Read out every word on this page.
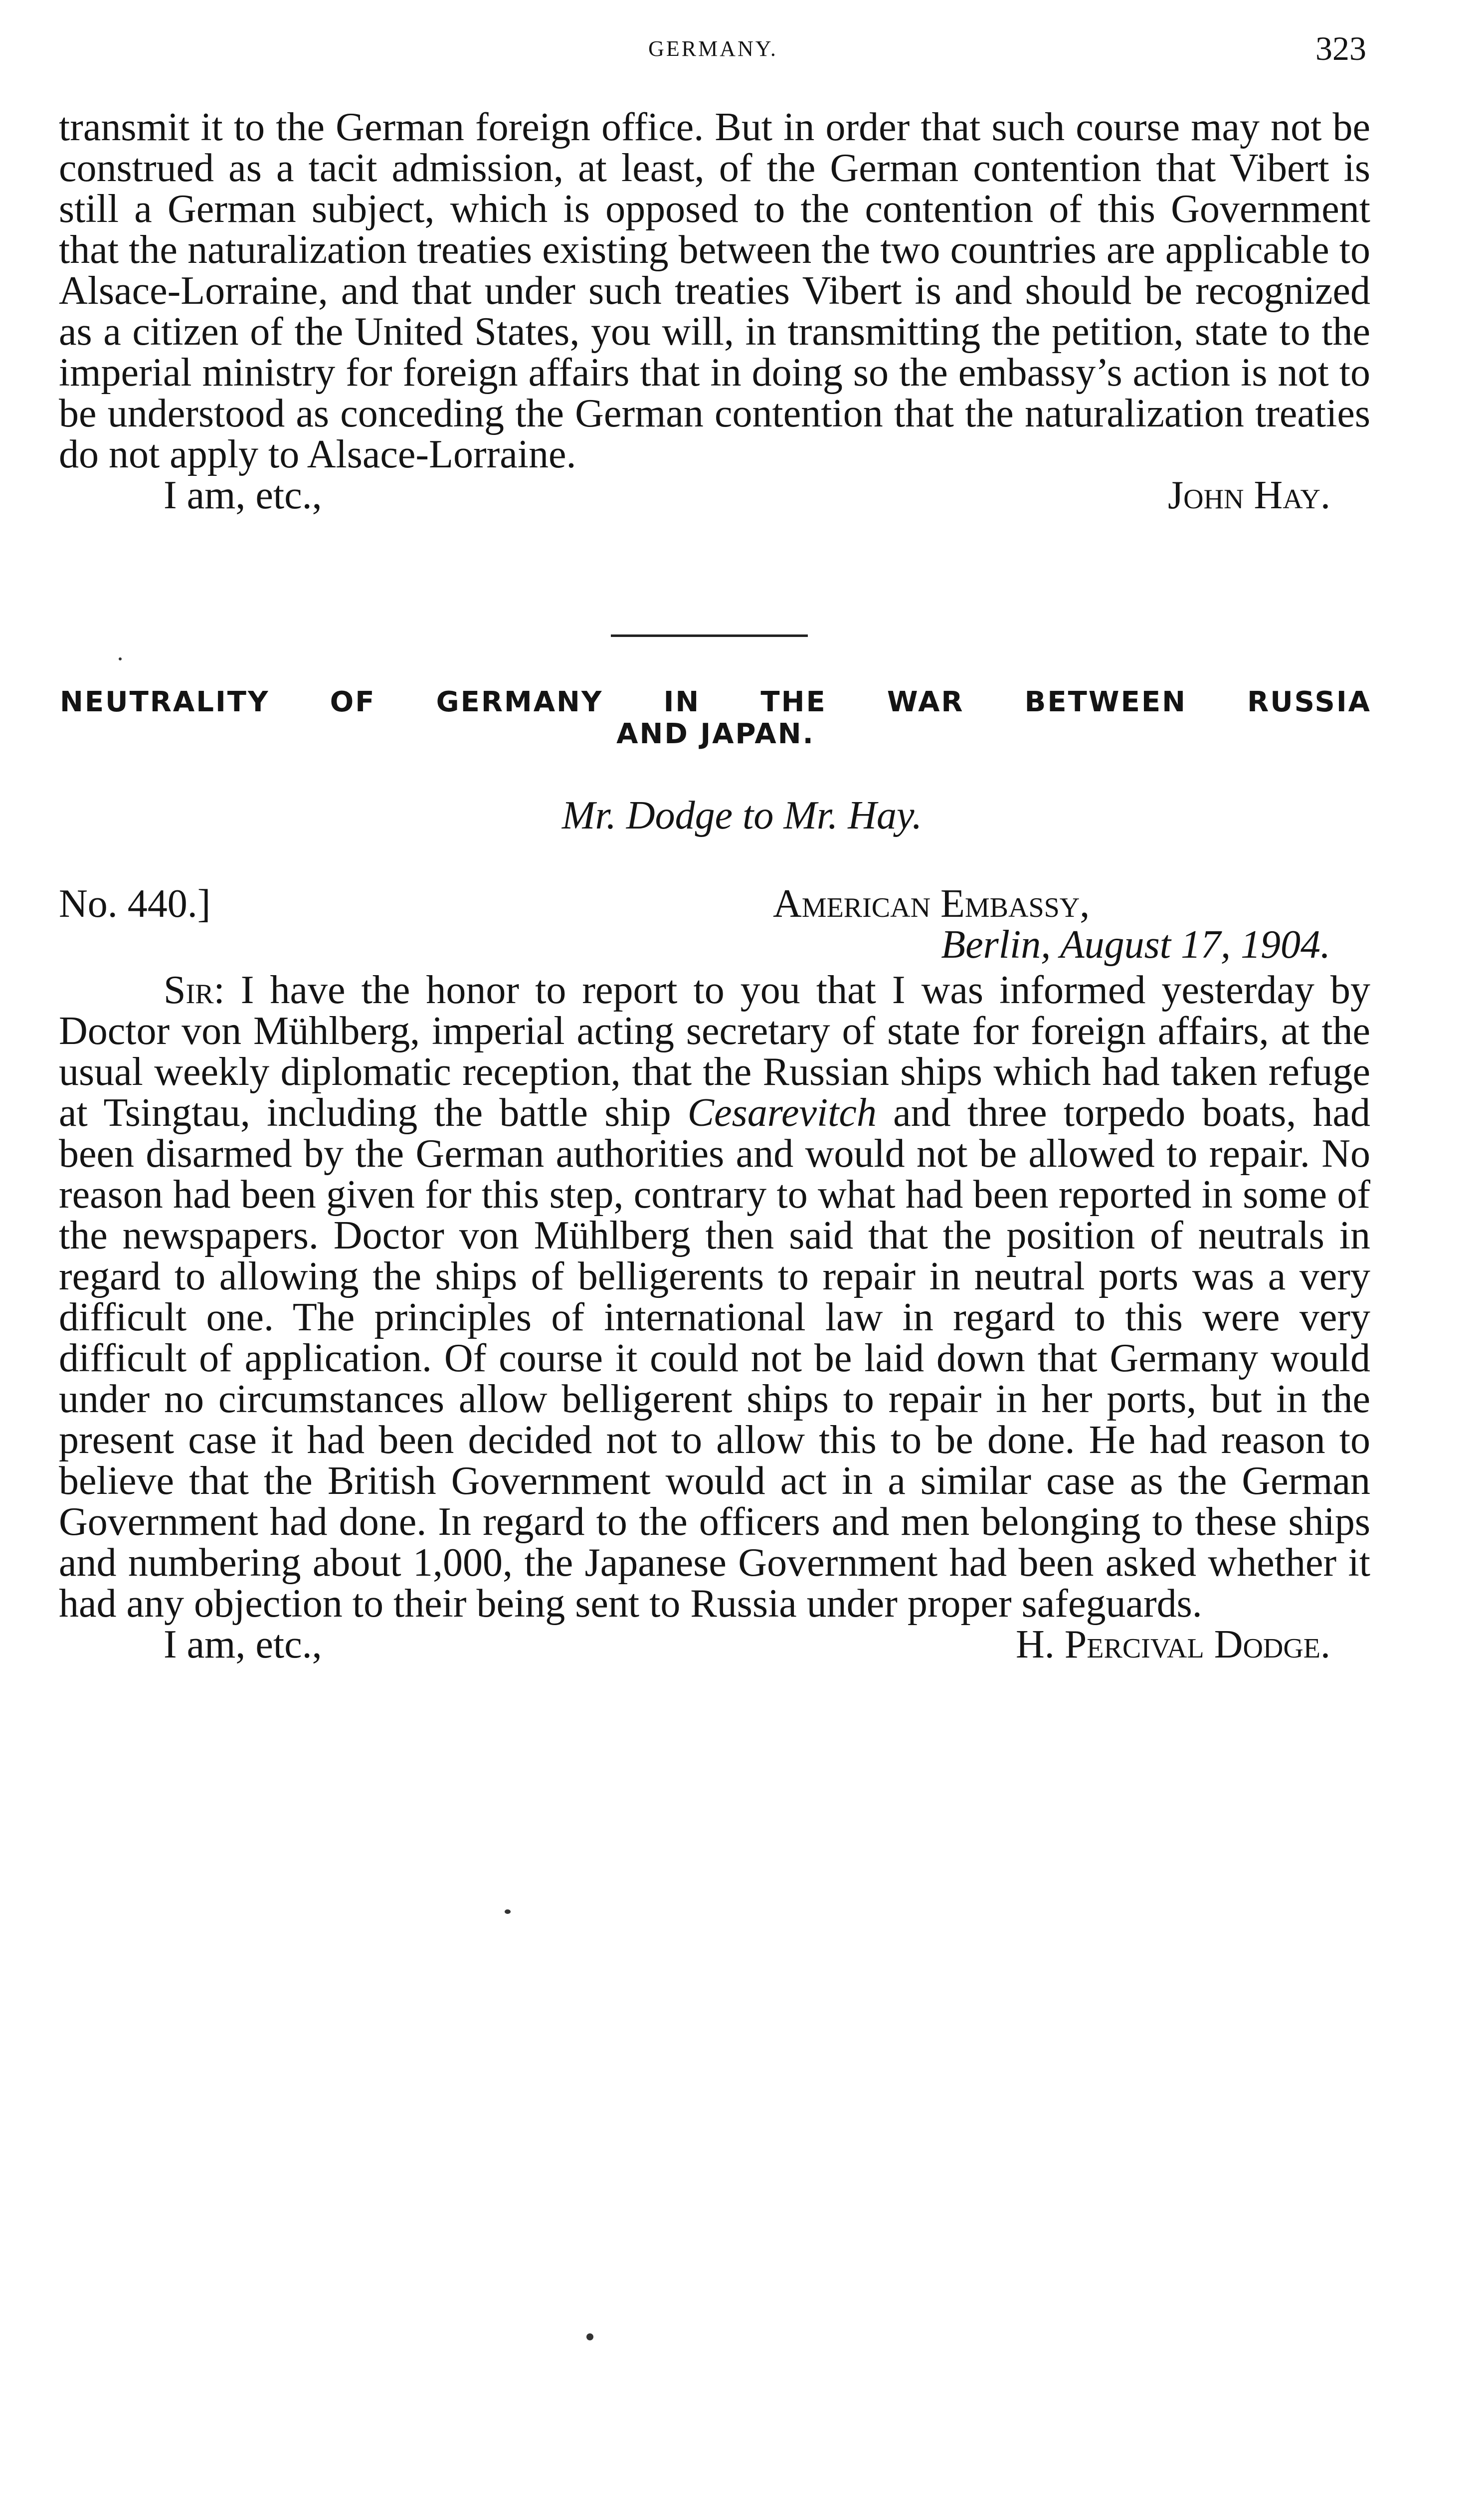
GERMANY.	323

transmit it to the German foreign office. But in order that such course may not be construed as a tacit admission, at least, of the German contention that Vibert is still a German subject, which is opposed to the contention of this Government that the naturalization treaties existing between the two countries are applicable to Alsace-Lorraine, and that under such treaties Vibert is and should be recognized as a citizen of the United States, you will, in transmitting the petition, state to the imperial ministry for foreign affairs that in doing so the embassy’s action is not to be understood as conceding the German contention that the naturalization treaties do not apply to Alsace-Lorraine.

I am, etc.,	John Hay.
NEUTRALITY OF GERMANY IN THE WAR BETWEEN RUSSIA
AND JAPAN.
Mr. Dodge to Mr. Hay.
No. 440.]	American Embassy,
Berlin, August 17, 1904.

Sir: I have the honor to report to you that I was informed yesterday by Doctor von Mühlberg, imperial acting secretary of state for foreign affairs, at the usual weekly diplomatic reception, that the Russian ships which had taken refuge at Tsingtau, including the battle ship Cesarevitch and three torpedo boats, had been disarmed by the German authorities and would not be allowed to repair. No reason had been given for this step, contrary to what had been reported in some of the newspapers. Doctor von Mühlberg then said that the position of neutrals in regard to allowing the ships of belligerents to repair in neutral ports was a very difficult one. The principles of international law in regard to this were very difficult of application. Of course it could not be laid down that Germany would under no circumstances allow belligerent ships to repair in her ports, but in the present case it had been decided not to allow this to be done. He had reason to believe that the British Government would act in a similar case as the German Government had done. In regard to the officers and men belonging to these ships and numbering about 1,000, the Japanese Government had been asked whether it had any objection to their being sent to Russia under proper safeguards.

I am, etc.,	H. Percival Dodge.
